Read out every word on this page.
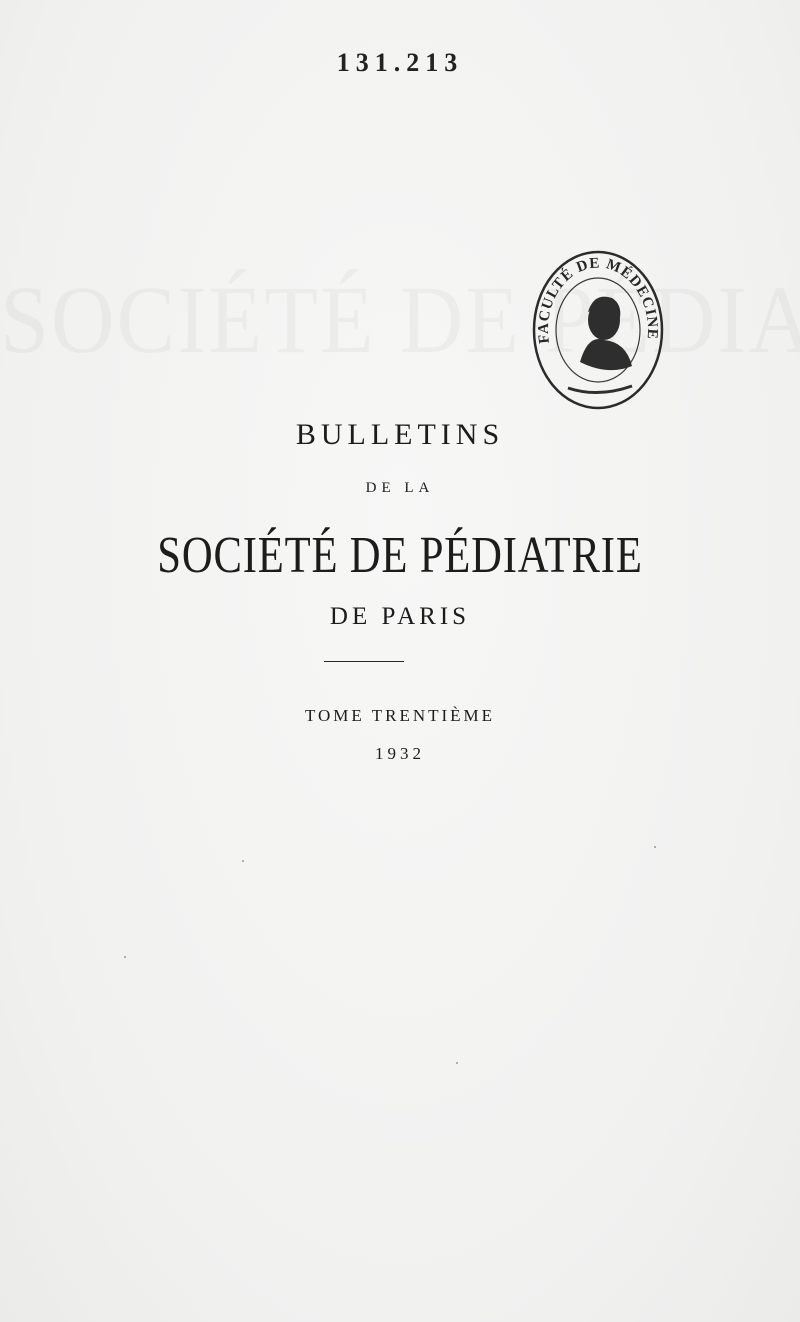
131.213
FACULTÉ DE MÉDECINE
BULLETINS
DE LA
SOCIÉTÉ DE PÉDIATRIE
DE PARIS
TOME TRENTIÈME
1932
